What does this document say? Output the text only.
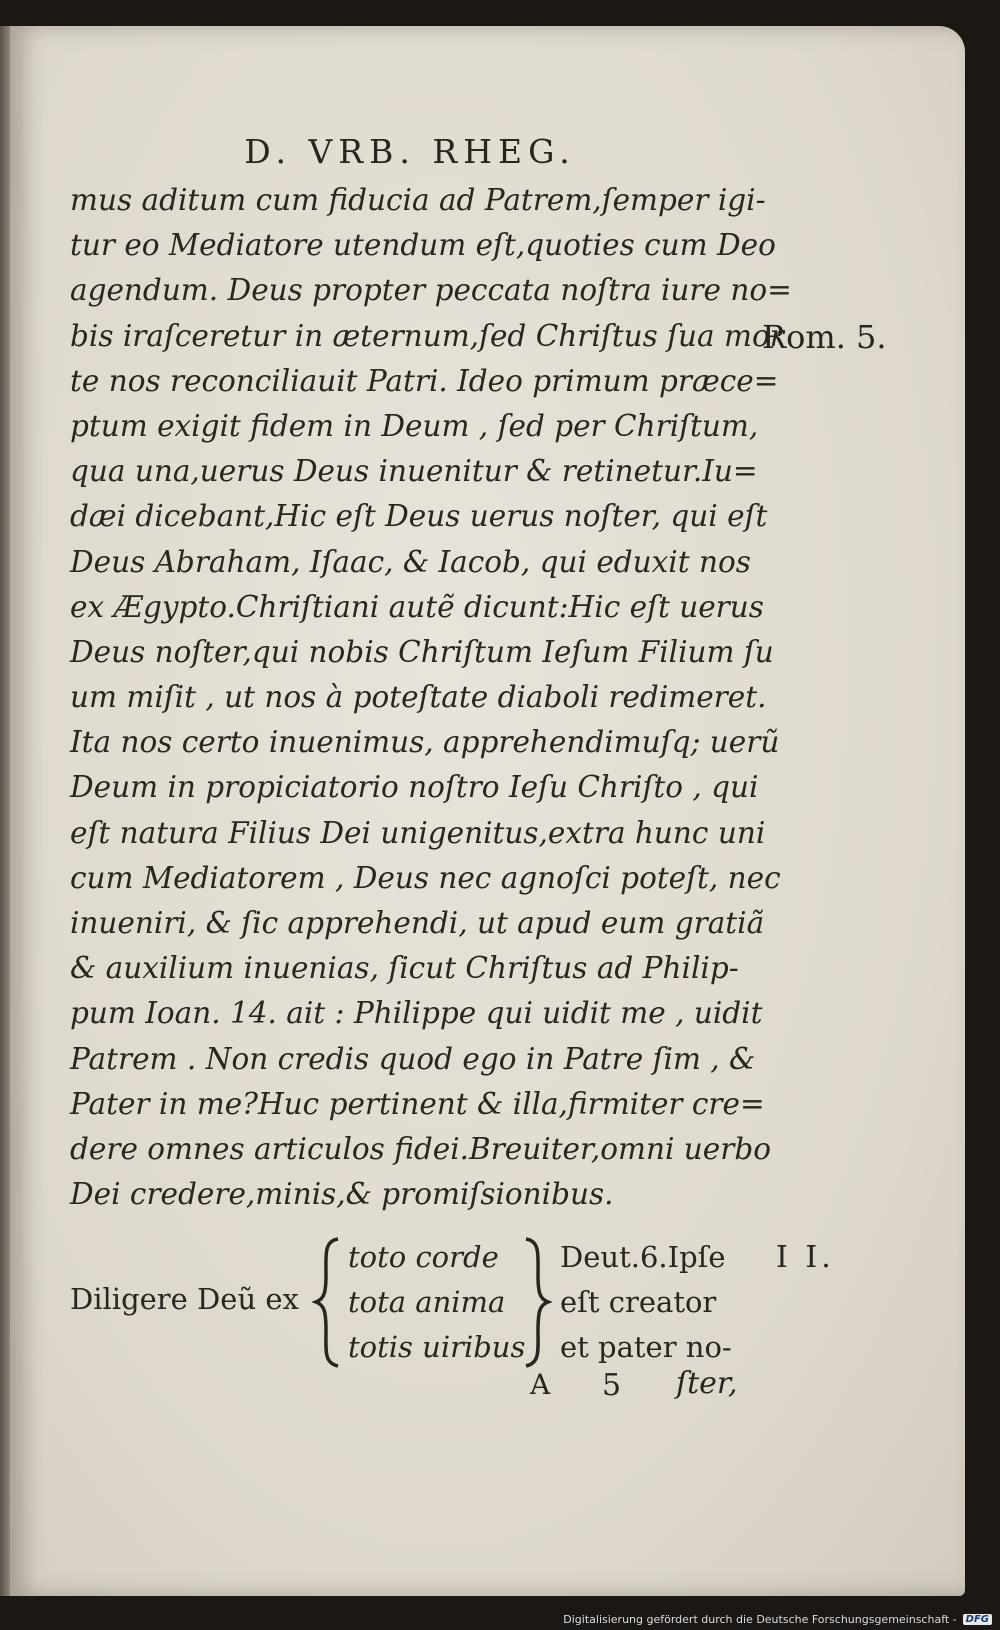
D. VRB. RHEG.
mus aditum cum fiducia ad Patrem,ſemper igi-
tur eo Mediatore utendum eſt,quoties cum Deo
agendum. Deus propter peccata noſtra iure no=
bis iraſceretur in æternum,ſed Chriſtus ſua mor
te nos reconciliauit Patri. Ideo primum præce=
ptum exigit fidem in Deum , ſed per Chriſtum,
qua una,uerus Deus inuenitur & retinetur.Iu=
dæi dicebant,Hic eſt Deus uerus noſter, qui eſt
Deus Abraham, Iſaac, & Iacob, qui eduxit nos
ex Ægypto.Chriſtiani autẽ dicunt:Hic eſt uerus
Deus noſter,qui nobis Chriſtum Ieſum Filium ſu
um miſit , ut nos à poteſtate diaboli redimeret.
Ita nos certo inuenimus, apprehendimuſq; uerũ
Deum in propiciatorio noſtro Ieſu Chriſto , qui
eſt natura Filius Dei unigenitus,extra hunc uni
cum Mediatorem , Deus nec agnoſci poteſt, nec
inueniri, & ſic apprehendi, ut apud eum gratiã
& auxilium inuenias, ſicut Chriſtus ad Philip-
pum Ioan. 14. ait : Philippe qui uidit me , uidit
Patrem . Non credis quod ego in Patre ſim , &
Pater in me?Huc pertinent & illa,firmiter cre=
dere omnes articulos fidei.Breuiter,omni uerbo
Dei credere,minis,& promiſsionibus.
Rom. 5.
I I.
Diligere Deũ ex
toto corde
tota anima
totis uiribus
Deut.6.Ipſe
eſt creator
et pater no-
A 5 ſter,
Digitalisierung gefördert durch die Deutsche Forschungsgemeinschaft - DFG
